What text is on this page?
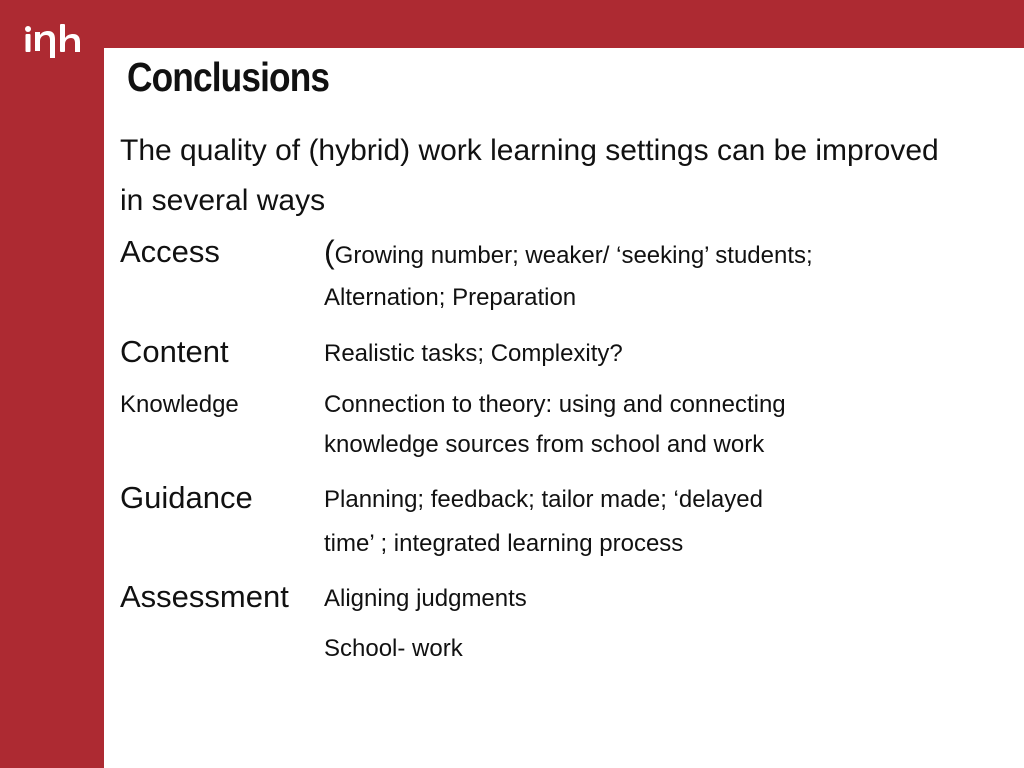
Conclusions
The quality of (hybrid) work learning settings can be improved in several ways
Access	(Growing number; weaker/ ‘seeking’ students;
Alternation; Preparation
Content	Realistic tasks; Complexity?
Knowledge	Connection to theory: using and connecting
knowledge sources from school and work
Guidance	Planning; feedback; tailor made; ‘delayed
time’ ; integrated learning process
Assessment Aligning judgments
School- work
